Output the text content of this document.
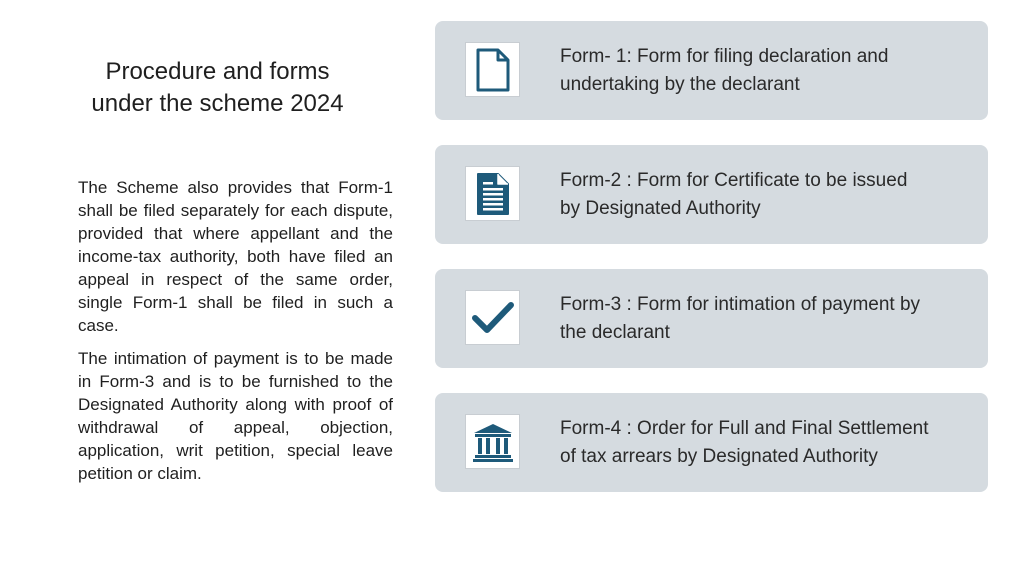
Procedure and forms
under the scheme 2024

The Scheme also provides that Form-1 shall be filed separately for each dispute, provided that where appellant and the income-tax authority, both have filed an appeal in respect of the same order, single Form-1 shall be filed in such a case.

The intimation of payment is to be made in Form-3 and is to be furnished to the Designated Authority along with proof of withdrawal of appeal, objection, application, writ petition, special leave petition or claim.

Form- 1: Form for filing declaration and
undertaking by the declarant
Form-2 : Form for Certificate to be issued
by Designated Authority
Form-3 : Form for intimation of payment by
the declarant
Form-4 : Order for Full and Final Settlement
of tax arrears by Designated Authority
